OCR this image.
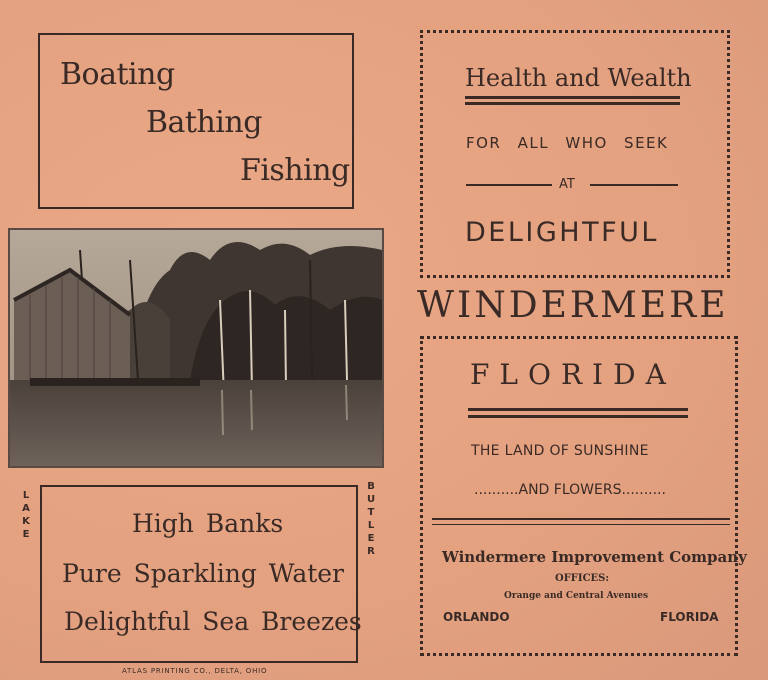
Boating
Bathing
Fishing
LAKE
BUTLER
High Banks
Pure Sparkling Water
Delightful Sea Breezes
ATLAS PRINTING CO., DELTA, OHIO
Health and Wealth
FOR ALL WHO SEEK
AT
DELIGHTFUL
WINDERMERE
FLORIDA
THE LAND OF SUNSHINE
..........AND FLOWERS..........
Windermere Improvement Company
OFFICES:
Orange and Central Avenues
ORLANDO	FLORIDA
